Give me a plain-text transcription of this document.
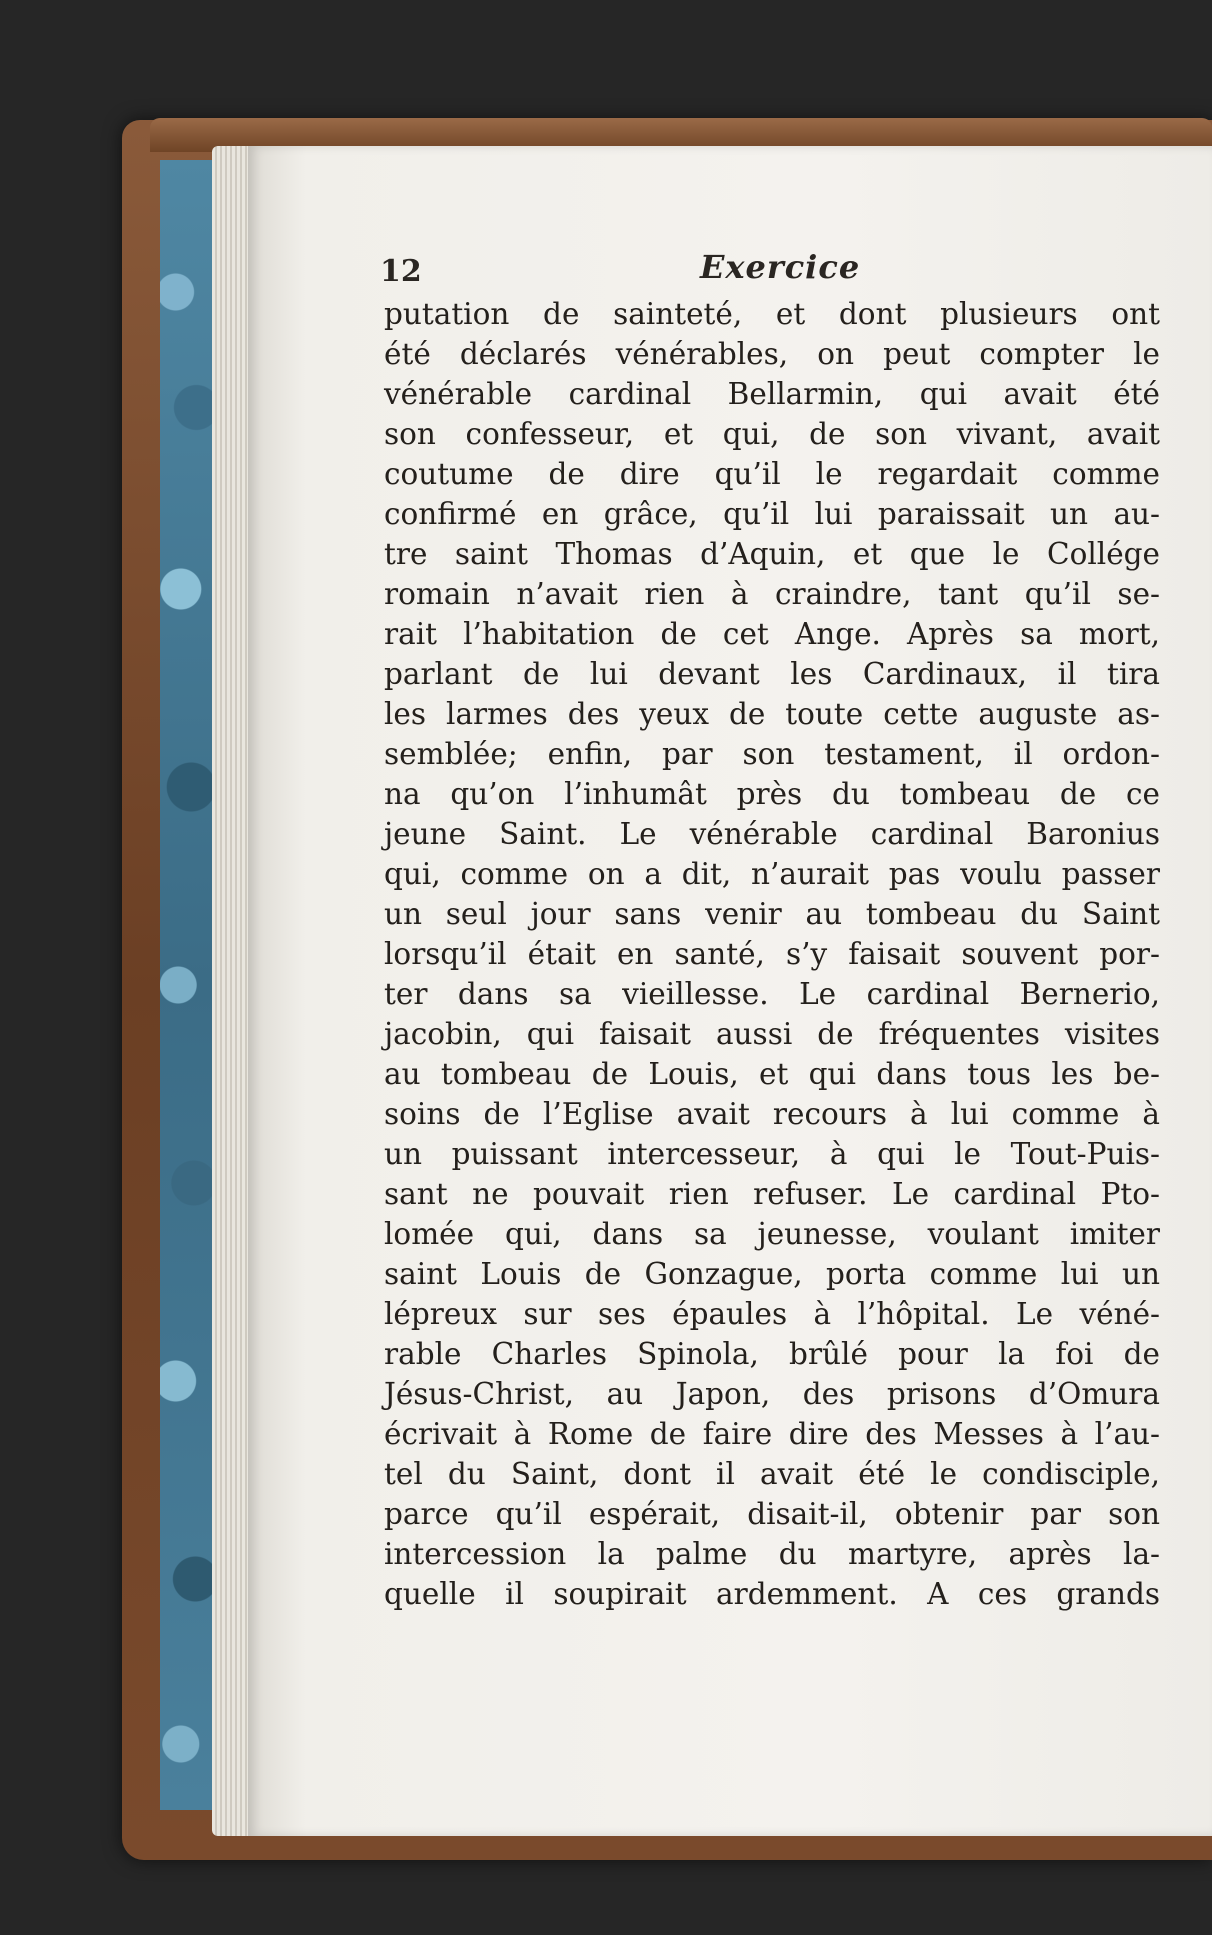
12	Exercice
putation de sainteté, et dont plusieurs ont
été déclarés vénérables, on peut compter le
vénérable cardinal Bellarmin, qui avait été
son confesseur, et qui, de son vivant, avait
coutume de dire qu’il le regardait comme
confirmé en grâce, qu’il lui paraissait un au-
tre saint Thomas d’Aquin, et que le Collége
romain n’avait rien à craindre, tant qu’il se-
rait l’habitation de cet Ange. Après sa mort,
parlant de lui devant les Cardinaux, il tira
les larmes des yeux de toute cette auguste as-
semblée; enfin, par son testament, il ordon-
na qu’on l’inhumât près du tombeau de ce
jeune Saint. Le vénérable cardinal Baronius
qui, comme on a dit, n’aurait pas voulu passer
un seul jour sans venir au tombeau du Saint
lorsqu’il était en santé, s’y faisait souvent por-
ter dans sa vieillesse. Le cardinal Bernerio,
jacobin, qui faisait aussi de fréquentes visites
au tombeau de Louis, et qui dans tous les be-
soins de l’Eglise avait recours à lui comme à
un puissant intercesseur, à qui le Tout-Puis-
sant ne pouvait rien refuser. Le cardinal Pto-
lomée qui, dans sa jeunesse, voulant imiter
saint Louis de Gonzague, porta comme lui un
lépreux sur ses épaules à l’hôpital. Le véné-
rable Charles Spinola, brûlé pour la foi de
Jésus-Christ, au Japon, des prisons d’Omura
écrivait à Rome de faire dire des Messes à l’au-
tel du Saint, dont il avait été le condisciple,
parce qu’il espérait, disait-il, obtenir par son
intercession la palme du martyre, après la-
quelle il soupirait ardemment. A ces grands
